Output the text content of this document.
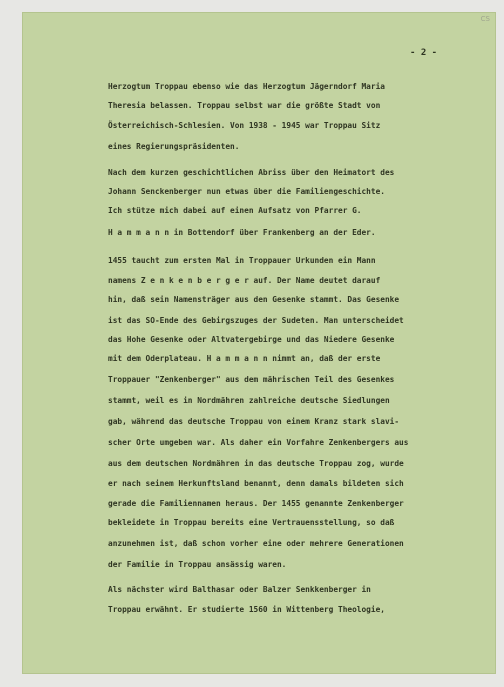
CS
- 2 -
Herzogtum Troppau ebenso wie das Herzogtum Jägerndorf Maria
Theresia belassen. Troppau selbst war die größte Stadt von
Österreichisch-Schlesien. Von 1938 - 1945 war Troppau Sitz
eines Regierungspräsidenten.
Nach dem kurzen geschichtlichen Abriss über den Heimatort des
Johann Senckenberger nun etwas über die Familiengeschichte.
Ich stütze mich dabei auf einen Aufsatz von Pfarrer G.
H a m m a n n in Bottendorf über Frankenberg an der Eder.
1455 taucht zum ersten Mal in Troppauer Urkunden ein Mann
namens Z e n k e n b e r g e r auf. Der Name deutet darauf
hin, daß sein Namensträger aus den Gesenke stammt. Das Gesenke
ist das SO-Ende des Gebirgszuges der Sudeten. Man unterscheidet
das Hohe Gesenke oder Altvatergebirge und das Niedere Gesenke
mit dem Oderplateau. H a m m a n n nimmt an, daß der erste
Troppauer "Zenkenberger" aus dem mährischen Teil des Gesenkes
stammt, weil es in Nordmähren zahlreiche deutsche Siedlungen
gab, während das deutsche Troppau von einem Kranz stark slavi-
scher Orte umgeben war. Als daher ein Vorfahre Zenkenbergers aus
aus dem deutschen Nordmähren in das deutsche Troppau zog, wurde
er nach seinem Herkunftsland benannt, denn damals bildeten sich
gerade die Familiennamen heraus. Der 1455 genannte Zenkenberger
bekleidete in Troppau bereits eine Vertrauensstellung, so daß
anzunehmen ist, daß schon vorher eine oder mehrere Generationen
der Familie in Troppau ansässig waren.
Als nächster wird Balthasar oder Balzer Senkkenberger in
Troppau erwähnt. Er studierte 1560 in Wittenberg Theologie,
